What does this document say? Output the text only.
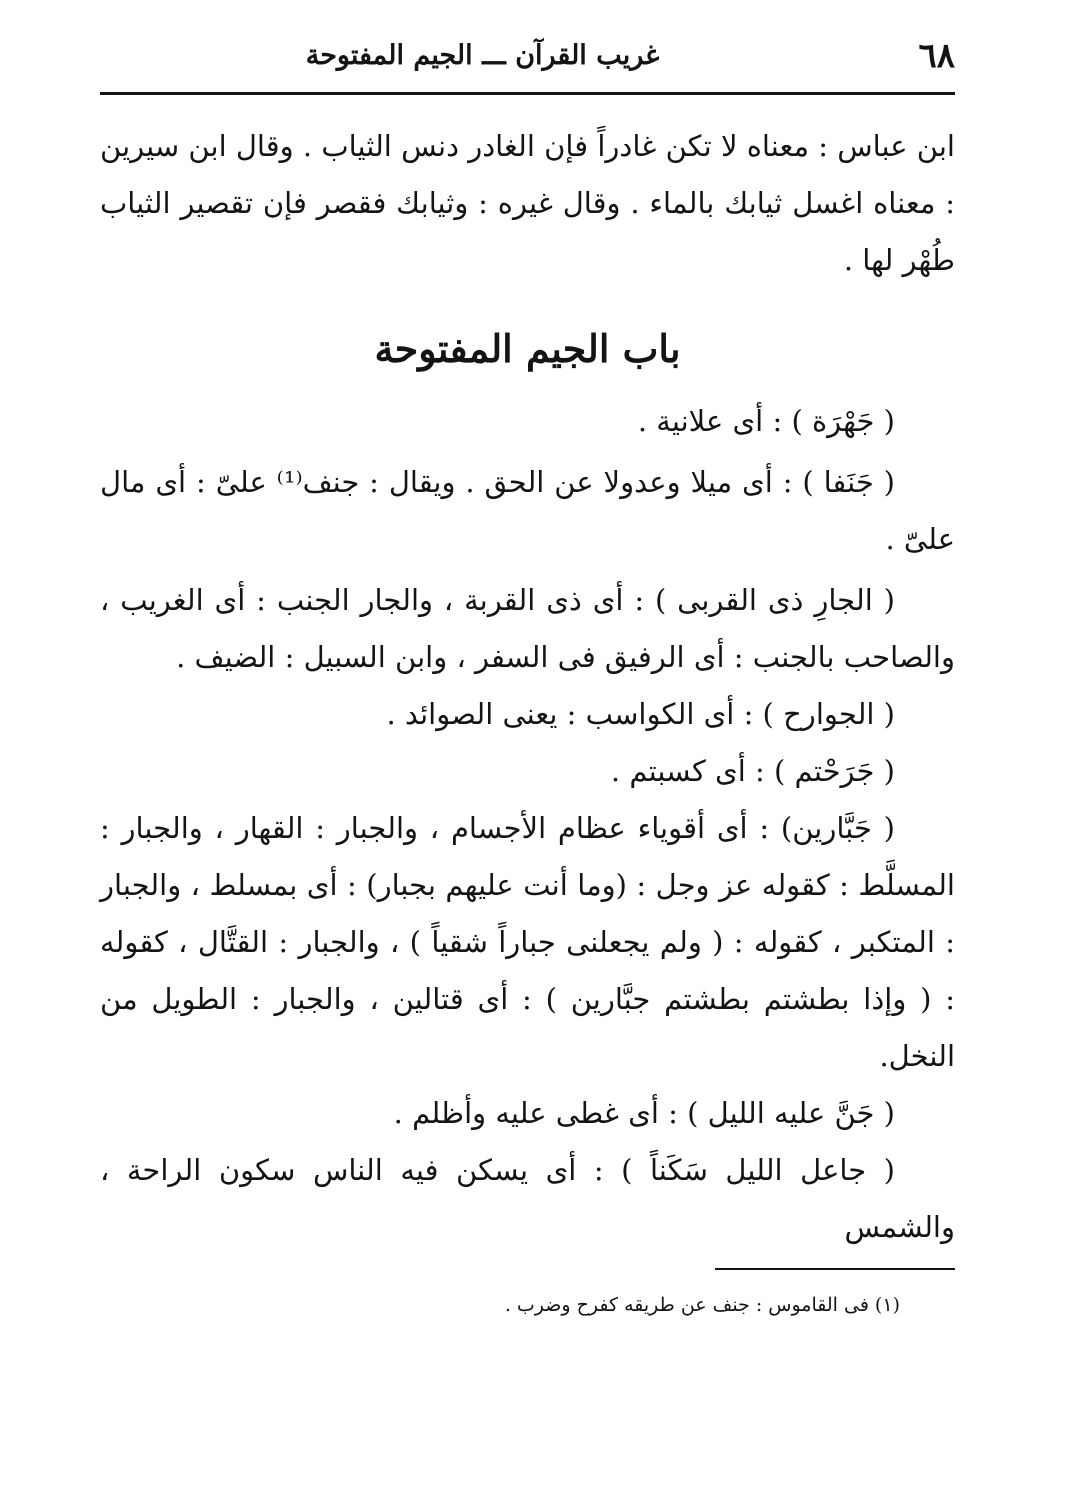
٦٨
غريب القرآن ـــ الجيم المفتوحة

ابن عباس : معناه لا تكن غادراً فإن الغادر دنس الثياب . وقال ابن سيرين : معناه اغسل ثيابك بالماء . وقال غيره : وثيابك فقصر فإن تقصير الثياب طُهْر لها .

باب الجيم المفتوحة

( جَهْرَة ) : أى علانية .

( جَنَفا ) : أى ميلا وعدولا عن الحق . ويقال : جنف⁽¹⁾ علىّ : أى مال علىّ .

( الجارِ ذى القربى ) : أى ذى القربة ، والجار الجنب : أى الغريب ، والصاحب بالجنب : أى الرفيق فى السفر ، وابن السبيل : الضيف .

( الجوارح ) : أى الكواسب : يعنى الصوائد .

( جَرَحْتم ) : أى كسبتم .

( جَبَّارين) : أى أقوياء عظام الأجسام ، والجبار : القهار ، والجبار : المسلَّط : كقوله عز وجل : (وما أنت عليهم بجبار) : أى بمسلط ، والجبار : المتكبر ، كقوله : ( ولم يجعلنى جباراً شقياً ) ، والجبار : القتَّال ، كقوله : ( وإذا بطشتم بطشتم جبَّارين ) : أى قتالين ، والجبار : الطويل من النخل.

( جَنَّ عليه الليل ) : أى غطى عليه وأظلم .

( جاعل الليل سَكَناً ) : أى يسكن فيه الناس سكون الراحة ، والشمس

(١) فى القاموس : جنف عن طريقه كفرح وضرب .
